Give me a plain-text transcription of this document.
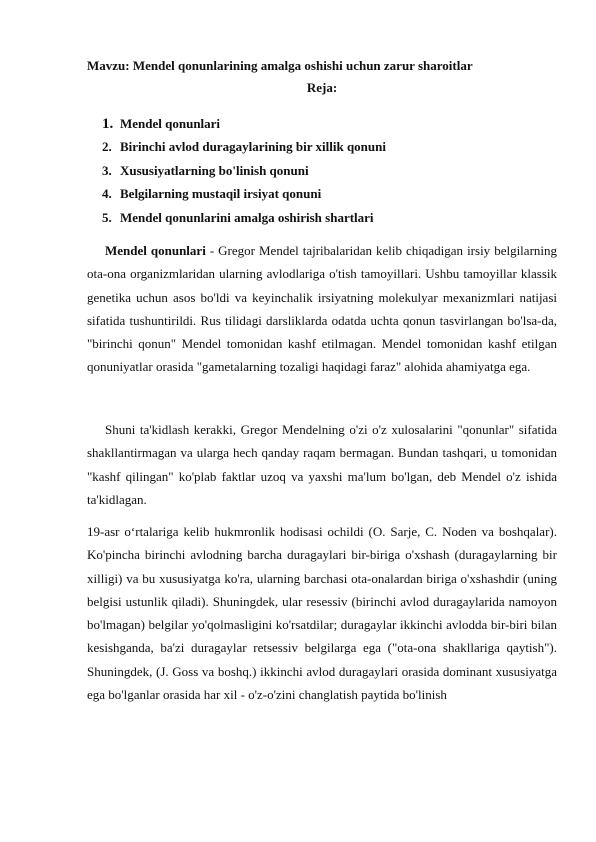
Mavzu: Mendel qonunlarining amalga oshishi uchun zarur sharoitlar
Reja:
1. Mendel qonunlari
2. Birinchi avlod duragaylarining bir xillik qonuni
3. Xususiyatlarning bo'linish qonuni
4. Belgilarning mustaqil irsiyat qonuni
5. Mendel qonunlarini amalga oshirish shartlari

Mendel qonunlari - Gregor Mendel tajribalaridan kelib chiqadigan irsiy belgilarning ota-ona organizmlaridan ularning avlodlariga o'tish tamoyillari. Ushbu tamoyillar klassik genetika uchun asos bo'ldi va keyinchalik irsiyatning molekulyar mexanizmlari natijasi sifatida tushuntirildi. Rus tilidagi darsliklarda odatda uchta qonun tasvirlangan bo'lsa-da, "birinchi qonun" Mendel tomonidan kashf etilmagan. Mendel tomonidan kashf etilgan qonuniyatlar orasida "gametalarning tozaligi haqidagi faraz" alohida ahamiyatga ega.

Shuni ta'kidlash kerakki, Gregor Mendelning o'zi o'z xulosalarini "qonunlar" sifatida shakllantirmagan va ularga hech qanday raqam bermagan. Bundan tashqari, u tomonidan "kashf qilingan" ko'plab faktlar uzoq va yaxshi ma'lum bo'lgan, deb Mendel o'z ishida ta'kidlagan.

19-asr o‘rtalariga kelib hukmronlik hodisasi ochildi (O. Sarje, C. Noden va boshqalar). Ko'pincha birinchi avlodning barcha duragaylari bir-biriga o'xshash (duragaylarning bir xilligi) va bu xususiyatga ko'ra, ularning barchasi ota-onalardan biriga o'xshashdir (uning belgisi ustunlik qiladi). Shuningdek, ular resessiv (birinchi avlod duragaylarida namoyon bo'lmagan) belgilar yo'qolmasligini ko'rsatdilar; duragaylar ikkinchi avlodda bir-biri bilan kesishganda, ba'zi duragaylar retsessiv belgilarga ega ("ota-ona shakllariga qaytish"). Shuningdek, (J. Goss va boshq.) ikkinchi avlod duragaylari orasida dominant xususiyatga ega bo'lganlar orasida har xil - o'z-o'zini changlatish paytida bo'linish
